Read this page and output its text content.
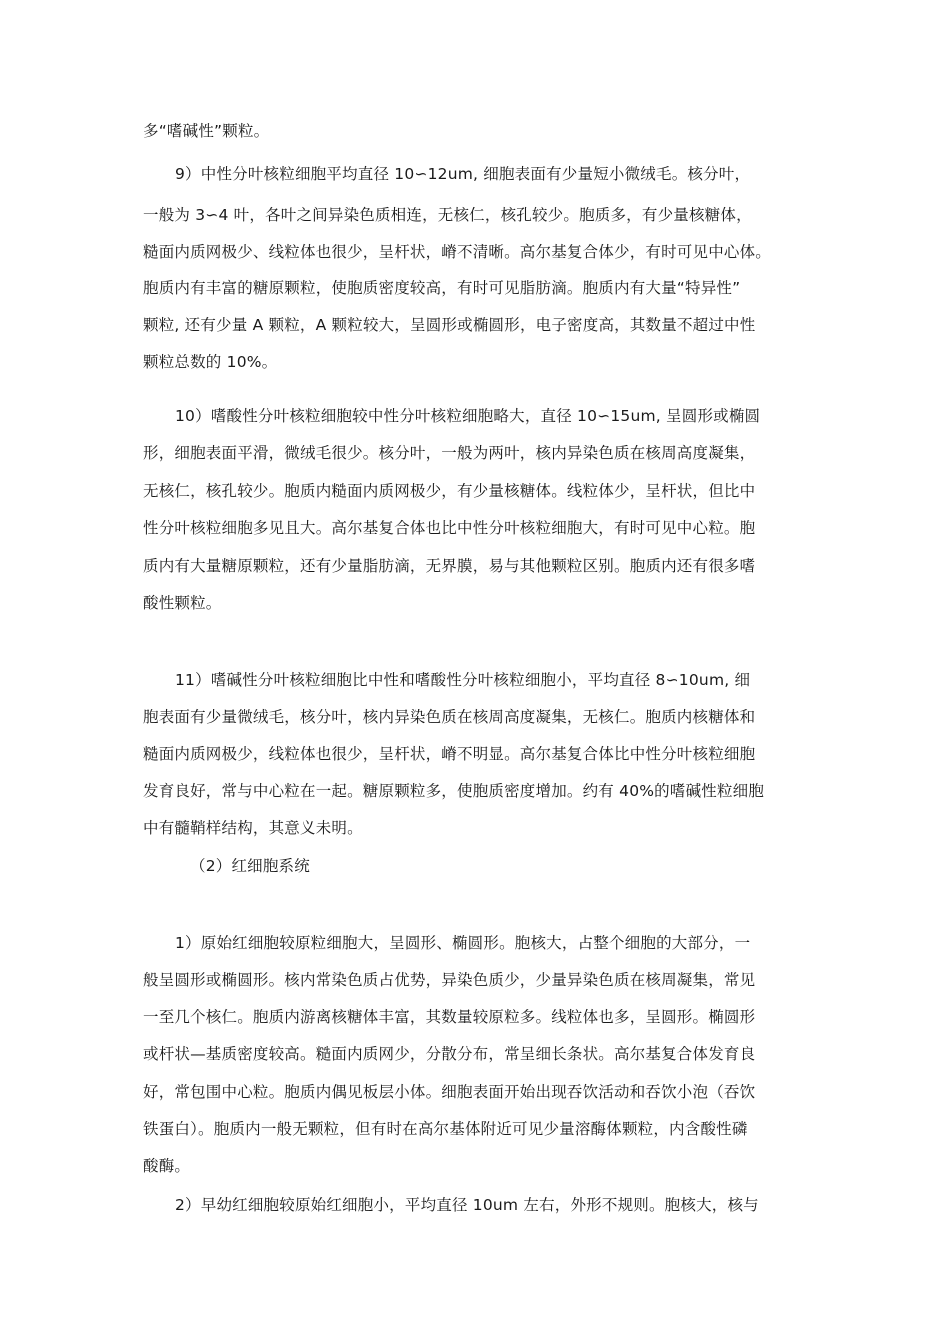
多“嗜碱性”颗粒。
9）中性分叶核粒细胞平均直径 10∽12um, 细胞表面有少量短小微绒毛。核分叶，
一般为 3∽4 叶，各叶之间异染色质相连，无核仁，核孔较少。胞质多，有少量核糖体，
糙面内质网极少、线粒体也很少，呈杆状，嵴不清晰。高尔基复合体少，有时可见中心体。
胞质内有丰富的糖原颗粒，使胞质密度较高，有时可见脂肪滴。胞质内有大量“特异性”
颗粒, 还有少量 A 颗粒，A 颗粒较大，呈圆形或椭圆形，电子密度高，其数量不超过中性
颗粒总数的 10%。
10）嗜酸性分叶核粒细胞较中性分叶核粒细胞略大，直径 10∽15um, 呈圆形或椭圆
形，细胞表面平滑，微绒毛很少。核分叶，一般为两叶，核内异染色质在核周高度凝集，
无核仁，核孔较少。胞质内糙面内质网极少，有少量核糖体。线粒体少，呈杆状，但比中
性分叶核粒细胞多见且大。高尔基复合体也比中性分叶核粒细胞大，有时可见中心粒。胞
质内有大量糖原颗粒，还有少量脂肪滴，无界膜，易与其他颗粒区别。胞质内还有很多嗜
酸性颗粒。
11）嗜碱性分叶核粒细胞比中性和嗜酸性分叶核粒细胞小，平均直径 8∽10um, 细
胞表面有少量微绒毛，核分叶，核内异染色质在核周高度凝集，无核仁。胞质内核糖体和
糙面内质网极少，线粒体也很少，呈杆状，嵴不明显。高尔基复合体比中性分叶核粒细胞
发育良好，常与中心粒在一起。糖原颗粒多，使胞质密度增加。约有 40%的嗜碱性粒细胞
中有髓鞘样结构，其意义未明。
（2）红细胞系统
1）原始红细胞较原粒细胞大，呈圆形、椭圆形。胞核大，占整个细胞的大部分，一
般呈圆形或椭圆形。核内常染色质占优势，异染色质少，少量异染色质在核周凝集，常见
一至几个核仁。胞质内游离核糖体丰富，其数量较原粒多。线粒体也多，呈圆形。椭圆形
或杆状—基质密度较高。糙面内质网少，分散分布，常呈细长条状。高尔基复合体发育良
好，常包围中心粒。胞质内偶见板层小体。细胞表面开始出现吞饮活动和吞饮小泡（吞饮
铁蛋白）。胞质内一般无颗粒，但有时在高尔基体附近可见少量溶酶体颗粒，内含酸性磷
酸酶。
2）早幼红细胞较原始红细胞小，平均直径 10um 左右，外形不规则。胞核大，核与
